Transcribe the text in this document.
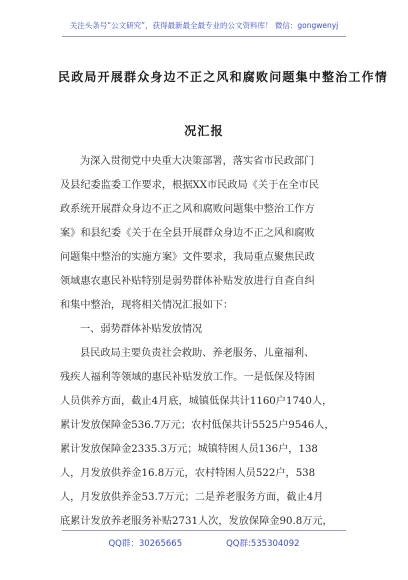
关注头条号“公文研究”，获得最新最全最专业的公文资料库！ 微信：gongwenyj
民政局开展群众身边不正之风和腐败问题集中整治工作情
况汇报
为深入贯彻党中央重大决策部署，落实省市民政部门
及县纪委监委工作要求，根据XX市民政局《关于在全市民
政系统开展群众身边不正之风和腐败问题集中整治工作方
案》和县纪委《关于在全县开展群众身边不正之风和腐败
问题集中整治的实施方案》文件要求，我局重点聚焦民政
领域惠农惠民补贴特别是弱势群体补贴发放进行自查自纠
和集中整治，现将相关情况汇报如下：
一、弱势群体补贴发放情况
县民政局主要负责社会救助、养老服务、儿童福利、
残疾人福利等领域的惠民补贴发放工作。一是低保及特困
人员供养方面，截止4月底，城镇低保共计1160户1740人，
累计发放保障金536.7万元；农村低保共计5525户9546人，
累计发放保障金2335.3万元；城镇特困人员136户，138
人，月发放供养金16.8万元，农村特困人员522户，538
人，月发放供养金53.7万元；二是养老服务方面，截止4月
底累计发放养老服务补贴2731人次，发放保障金90.8万元，
QQ群：30265665	QQ群:535304092
